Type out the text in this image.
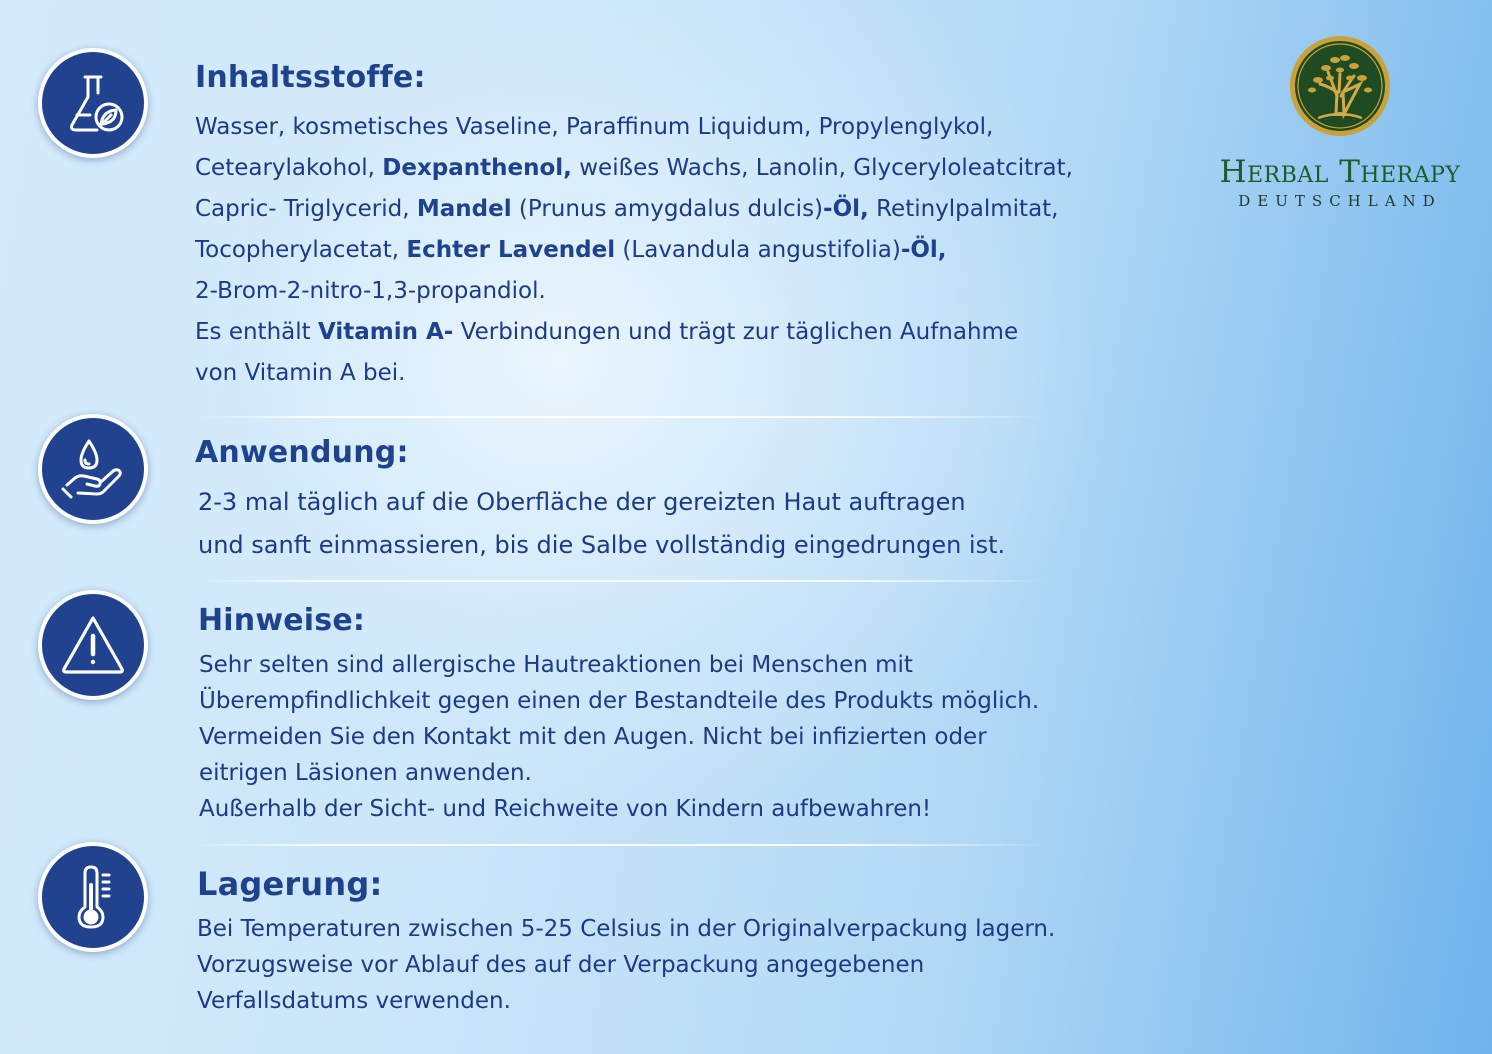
Inhaltsstoffe:
Wasser, kosmetisches Vaseline, Paraffinum Liquidum, Propylenglykol,
Cetearylakohol, Dexpanthenol, weißes Wachs, Lanolin, Glyceryloleatcitrat,
Capric- Triglycerid, Mandel (Prunus amygdalus dulcis)-Öl, Retinylpalmitat,
Tocopherylacetat, Echter Lavendel (Lavandula angustifolia)-Öl,
2-Brom-2-nitro-1,3-propandiol.
Es enthält Vitamin A- Verbindungen und trägt zur täglichen Aufnahme
von Vitamin A bei.
Anwendung:
2-3 mal täglich auf die Oberfläche der gereizten Haut auftragen
und sanft einmassieren, bis die Salbe vollständig eingedrungen ist.
Hinweise:
Sehr selten sind allergische Hautreaktionen bei Menschen mit
Überempfindlichkeit gegen einen der Bestandteile des Produkts möglich.
Vermeiden Sie den Kontakt mit den Augen. Nicht bei infizierten oder
eitrigen Läsionen anwenden.
Außerhalb der Sicht- und Reichweite von Kindern aufbewahren!
Lagerung:
Bei Temperaturen zwischen 5-25 Celsius in der Originalverpackung lagern.
Vorzugsweise vor Ablauf des auf der Verpackung angegebenen
Verfallsdatums verwenden.
Herbal Therapy
DEUTSCHLAND
